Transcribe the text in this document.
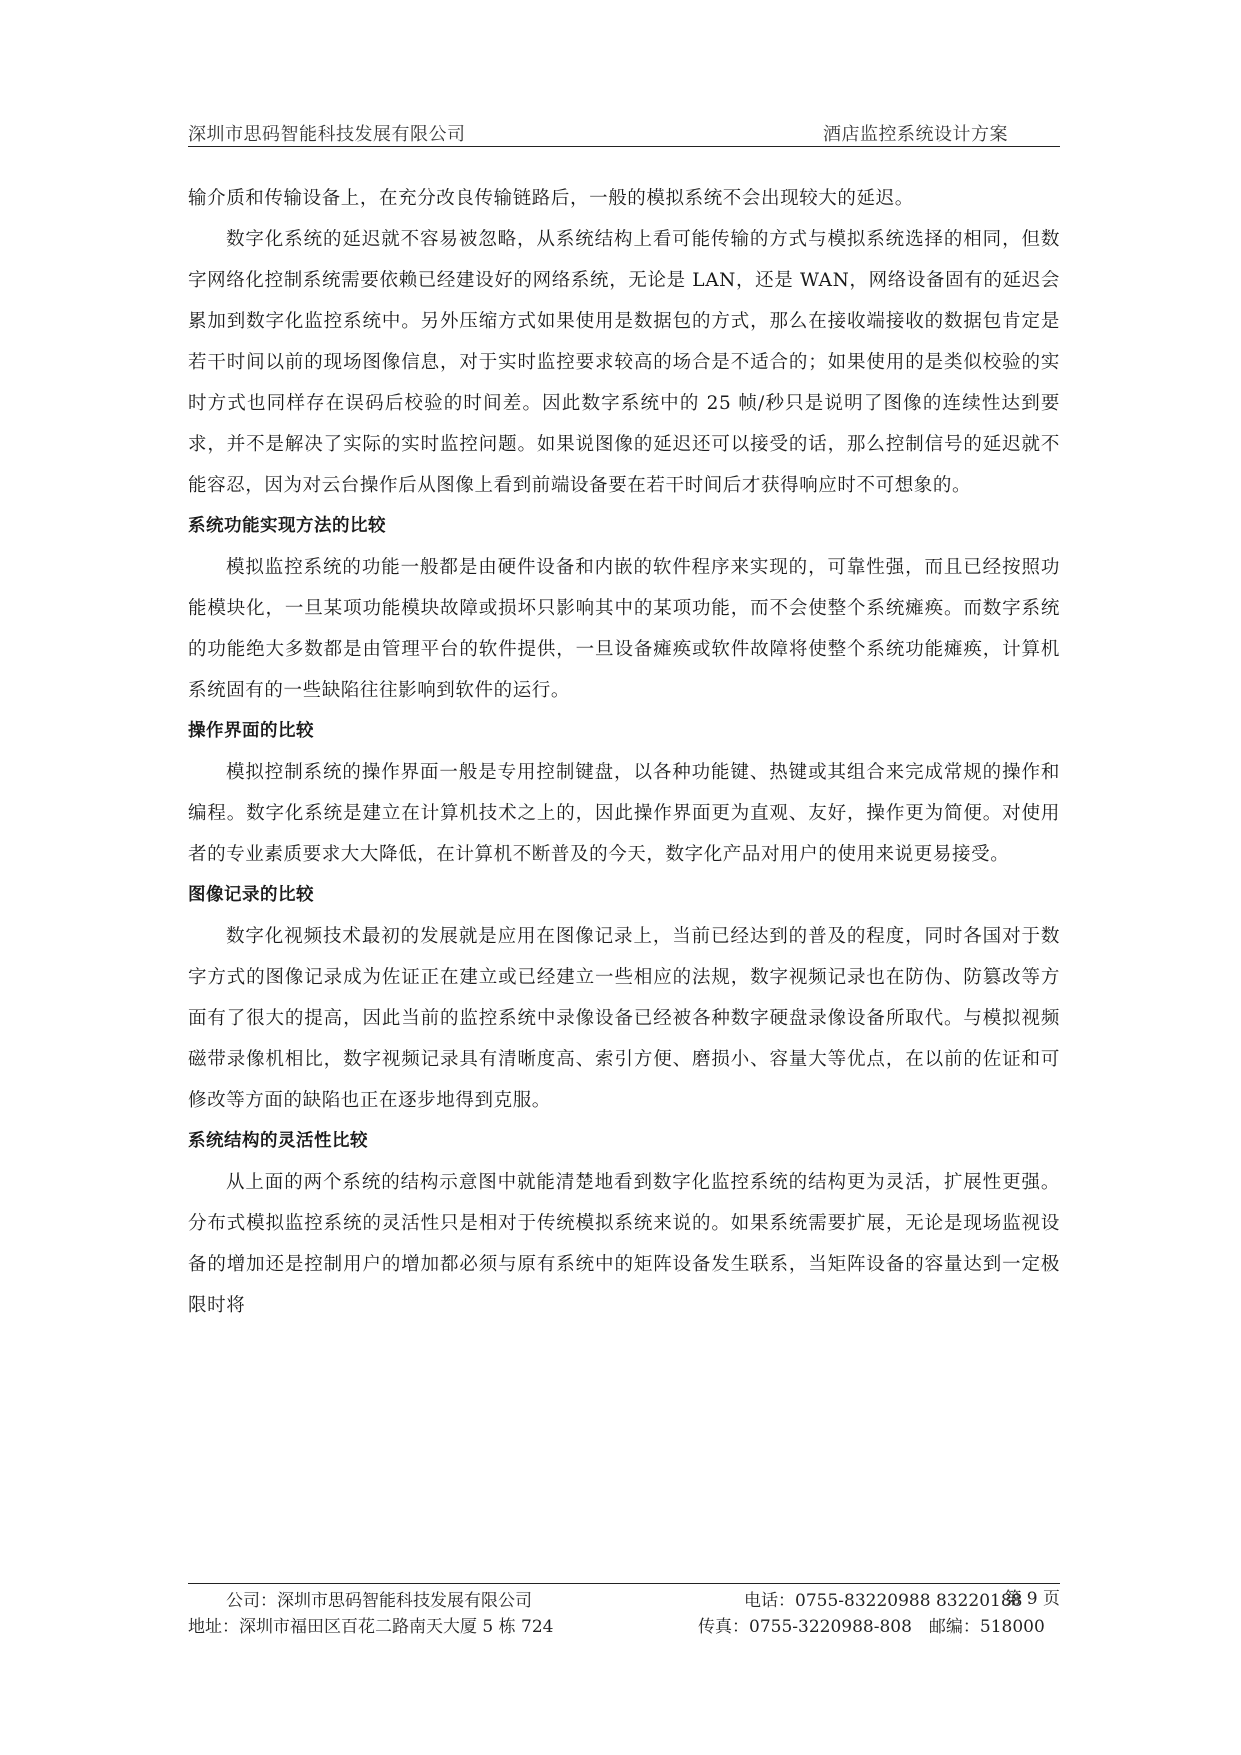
深圳市思码智能科技发展有限公司	酒店监控系统设计方案

输介质和传输设备上，在充分改良传输链路后，一般的模拟系统不会出现较大的延迟。

数字化系统的延迟就不容易被忽略，从系统结构上看可能传输的方式与模拟系统选择的相同，但数字网络化控制系统需要依赖已经建设好的网络系统，无论是 LAN，还是 WAN，网络设备固有的延迟会累加到数字化监控系统中。另外压缩方式如果使用是数据包的方式，那么在接收端接收的数据包肯定是若干时间以前的现场图像信息，对于实时监控要求较高的场合是不适合的；如果使用的是类似校验的实时方式也同样存在误码后校验的时间差。因此数字系统中的 25 帧/秒只是说明了图像的连续性达到要求，并不是解决了实际的实时监控问题。如果说图像的延迟还可以接受的话，那么控制信号的延迟就不能容忍，因为对云台操作后从图像上看到前端设备要在若干时间后才获得响应时不可想象的。

系统功能实现方法的比较

模拟监控系统的功能一般都是由硬件设备和内嵌的软件程序来实现的，可靠性强，而且已经按照功能模块化，一旦某项功能模块故障或损坏只影响其中的某项功能，而不会使整个系统瘫痪。而数字系统的功能绝大多数都是由管理平台的软件提供，一旦设备瘫痪或软件故障将使整个系统功能瘫痪，计算机系统固有的一些缺陷往往影响到软件的运行。

操作界面的比较

模拟控制系统的操作界面一般是专用控制键盘，以各种功能键、热键或其组合来完成常规的操作和编程。数字化系统是建立在计算机技术之上的，因此操作界面更为直观、友好，操作更为简便。对使用者的专业素质要求大大降低，在计算机不断普及的今天，数字化产品对用户的使用来说更易接受。

图像记录的比较

数字化视频技术最初的发展就是应用在图像记录上，当前已经达到的普及的程度，同时各国对于数字方式的图像记录成为佐证正在建立或已经建立一些相应的法规，数字视频记录也在防伪、防篡改等方面有了很大的提高，因此当前的监控系统中录像设备已经被各种数字硬盘录像设备所取代。与模拟视频磁带录像机相比，数字视频记录具有清晰度高、索引方便、磨损小、容量大等优点，在以前的佐证和可修改等方面的缺陷也正在逐步地得到克服。

系统结构的灵活性比较

从上面的两个系统的结构示意图中就能清楚地看到数字化监控系统的结构更为灵活，扩展性更强。分布式模拟监控系统的灵活性只是相对于传统模拟系统来说的。如果系统需要扩展，无论是现场监视设备的增加还是控制用户的增加都必须与原有系统中的矩阵设备发生联系，当矩阵设备的容量达到一定极限时将

公司：深圳市思码智能科技发展有限公司	电话：0755-83220988 83220188
第 9 页
地址：深圳市福田区百花二路南天大厦 5 栋 724	传真：0755-3220988-808　邮编：518000
